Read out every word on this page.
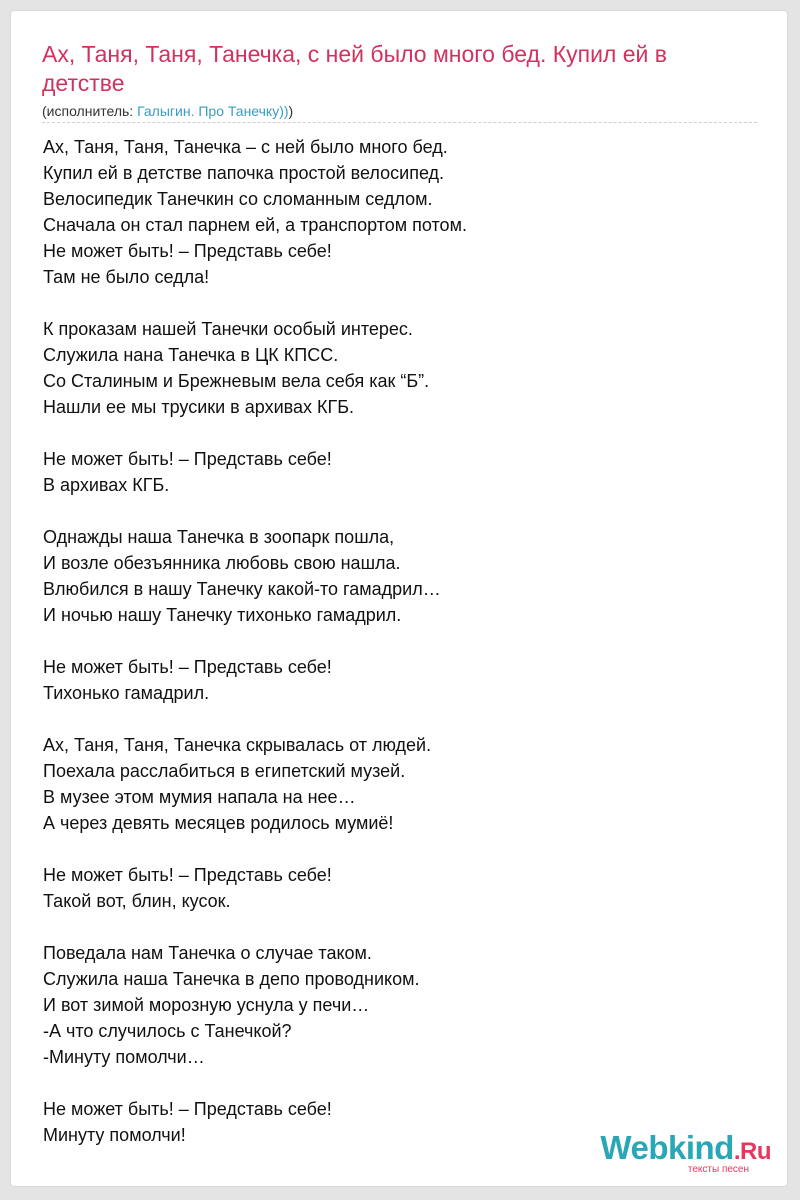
Ах, Таня, Таня, Танечка, с ней было много бед. Купил ей в детстве
(исполнитель: Галыгин. Про Танечку)))
Ах, Таня, Таня, Танечка – с ней было много бед.
Купил ей в детстве папочка простой велосипед.
Велосипедик Танечкин со сломанным седлом.
Сначала он стал парнем ей, а транспортом потом.
Не может быть! – Представь себе!
Там не было седла!
К проказам нашей Танечки особый интерес.
Служила нана Танечка в ЦК КПСС.
Со Сталиным и Брежневым вела себя как “Б”.
Нашли ее мы трусики в архивах КГБ.
Не может быть! – Представь себе!
В архивах КГБ.
Однажды наша Танечка в зоопарк пошла,
И возле обезъянника любовь свою нашла.
Влюбился в нашу Танечку какой-то гамадрил…
И ночью нашу Танечку тихонько гамадрил.
Не может быть! – Представь себе!
Тихонько гамадрил.
Ах, Таня, Таня, Танечка скрывалась от людей.
Поехала расслабиться в египетский музей.
В музее этом мумия напала на нее…
А через девять месяцев родилось мумиё!
Не может быть! – Представь себе!
Такой вот, блин, кусок.
Поведала нам Танечка о случае таком.
Служила наша Танечка в депо проводником.
И вот зимой морозную уснула у печи…
-А что случилось с Танечкой?
-Минуту помолчи…
Не может быть! – Представь себе!
Минуту помолчи!	Webkind.Ru
тексты песен
